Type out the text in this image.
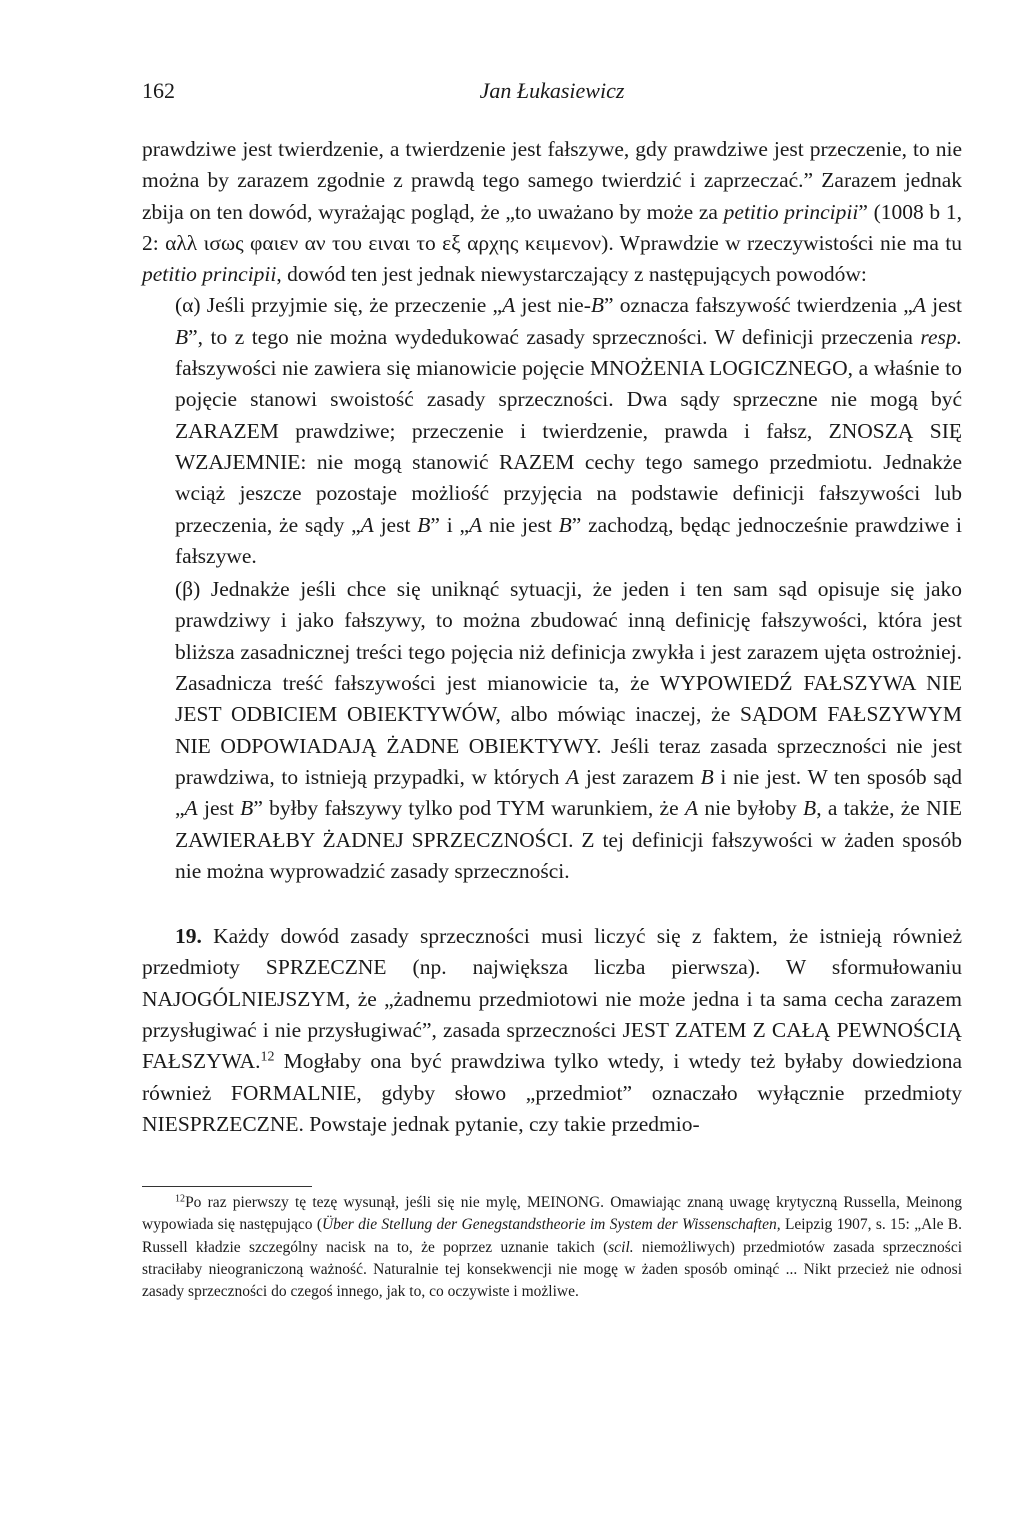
162	Jan Łukasiewicz

prawdziwe jest twierdzenie, a twierdzenie jest fałszywe, gdy prawdziwe jest przeczenie, to nie można by zarazem zgodnie z prawdą tego samego twierdzić i zaprzeczać.” Zarazem jednak zbija on ten dowód, wyrażając pogląd, że „to uważano by może za petitio principii” (1008 b 1, 2: αλλ ισως φαιεν αν του ειναι το εξ αρχης κειμενον). Wprawdzie w rzeczywistości nie ma tu petitio principii, dowód ten jest jednak niewystarczający z następujących powodów:

(α) Jeśli przyjmie się, że przeczenie „A jest nie-B” oznacza fałszywość twierdzenia „A jest B”, to z tego nie można wydedukować zasady sprzeczności. W definicji przeczenia resp. fałszywości nie zawiera się mianowicie pojęcie MNOŻENIA LOGICZNEGO, a właśnie to pojęcie stanowi swoistość zasady sprzeczności. Dwa sądy sprzeczne nie mogą być ZARAZEM prawdziwe; przeczenie i twierdzenie, prawda i fałsz, ZNOSZĄ SIĘ WZAJEMNIE: nie mogą stanowić RAZEM cechy tego samego przedmiotu. Jednakże wciąż jeszcze pozostaje możliość przyjęcia na podstawie definicji fałszywości lub przeczenia, że sądy „A jest B” i „A nie jest B” zachodzą, będąc jednocześnie prawdziwe i fałszywe.

(β) Jednakże jeśli chce się uniknąć sytuacji, że jeden i ten sam sąd opisuje się jako prawdziwy i jako fałszywy, to można zbudować inną definicję fałszywości, która jest bliższa zasadnicznej treści tego pojęcia niż definicja zwykła i jest zarazem ujęta ostrożniej. Zasadnicza treść fałszywości jest mianowicie ta, że WYPOWIEDŹ FAŁSZYWA NIE JEST ODBICIEM OBIEKTYWÓW, albo mówiąc inaczej, że SĄDOM FAŁSZYWYM NIE ODPOWIADAJĄ ŻADNE OBIEKTYWY. Jeśli teraz zasada sprzeczności nie jest prawdziwa, to istnieją przypadki, w których A jest zarazem B i nie jest. W ten sposób sąd „A jest B” byłby fałszywy tylko pod TYM warunkiem, że A nie byłoby B, a także, że NIE ZAWIERAŁBY ŻADNEJ SPRZECZNOŚCI. Z tej definicji fałszywości w żaden sposób nie można wyprowadzić zasady sprzeczności.

19. Każdy dowód zasady sprzeczności musi liczyć się z faktem, że istnieją również przedmioty SPRZECZNE (np. największa liczba pierwsza). W sformułowaniu NAJOGÓLNIEJSZYM, że „żadnemu przedmiotowi nie może jedna i ta sama cecha zarazem przysługiwać i nie przysługiwać”, zasada sprzeczności JEST ZATEM Z CAŁĄ PEWNOŚCIĄ FAŁSZYWA.$^{12}$ Mogłaby ona być prawdziwa tylko wtedy, i wtedy też byłaby dowiedziona również FORMALNIE, gdyby słowo „przedmiot” oznaczało wyłącznie przedmioty NIESPRZECZNE. Powstaje jednak pytanie, czy takie przedmio-

$^{12}$Po raz pierwszy tę tezę wysunął, jeśli się nie mylę, MEINONG. Omawiając znaną uwagę krytyczną Russella, Meinong wypowiada się następująco (Über die Stellung der Genegstandstheorie im System der Wissenschaften, Leipzig 1907, s. 15: „Ale B. Russell kładzie szczególny nacisk na to, że poprzez uznanie takich (scil. niemożliwych) przedmiotów zasada sprzeczności straciłaby nieograniczoną ważność. Naturalnie tej konsekwencji nie mogę w żaden sposób ominąć ... Nikt przecież nie odnosi zasady sprzeczności do czegoś innego, jak to, co oczywiste i możliwe.
